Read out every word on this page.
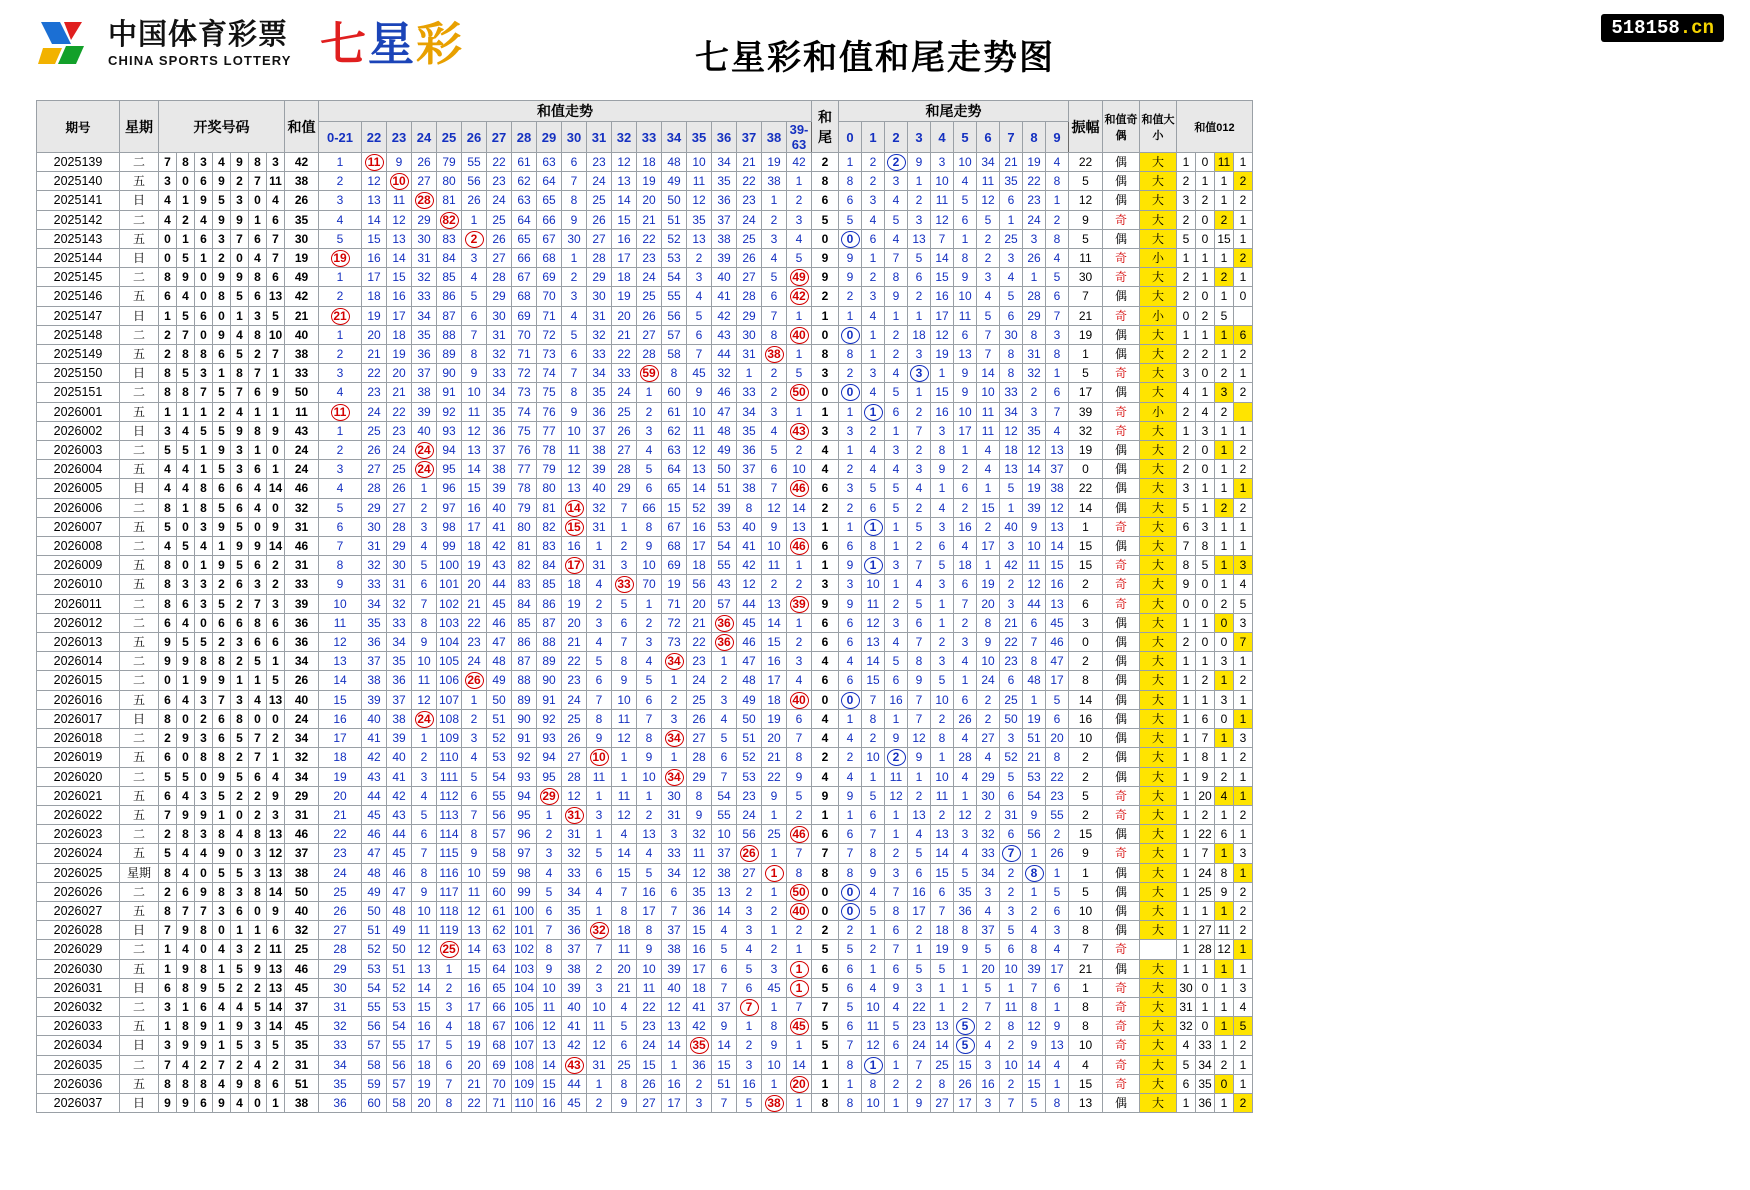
中国体育彩票
CHINA SPORTS LOTTERY 七星彩	七星彩和值和尾走势图
518158.cn
期号	星期	开奖号码							和值	和值走势																			和尾	和尾走势										振幅	和值奇偶	和值大小	和值012			
										0-21	22	23	24	25	26	27	28	29	30	31	32	33	34	35	36	37	38	39-63		0	1	2	3	4	5	6	7	8	9							
2025139	二	7	8	3	4	9	8	3	42	1	11	9	26	79	55	22	61	63	6	23	12	18	48	10	34	21	19	42	2	1	2	2	9	3	10	34	21	19	4	22	偶	大	1	0	11	1
2025140	五	3	0	6	9	2	7	11	38	2	12	10	27	80	56	23	62	64	7	24	13	19	49	11	35	22	38	1	8	8	2	3	1	10	4	11	35	22	8	5	偶	大	2	1	1	2
2025141	日	4	1	9	5	3	0	4	26	3	13	11	28	81	26	24	63	65	8	25	14	20	50	12	36	23	1	2	6	6	3	4	2	11	5	12	6	23	1	12	偶	大	3	2	1	2
2025142	二	4	2	4	9	9	1	6	35	4	14	12	29	82	1	25	64	66	9	26	15	21	51	35	37	24	2	3	5	5	4	5	3	12	6	5	1	24	2	9	奇	大	2	0	2	1
2025143	五	0	1	6	3	7	6	7	30	5	15	13	30	83	2	26	65	67	30	27	16	22	52	13	38	25	3	4	0	0	6	4	13	7	1	2	25	3	8	5	偶	大	5	0	15	1
2025144	日	0	5	1	2	0	4	7	19	19	16	14	31	84	3	27	66	68	1	28	17	23	53	2	39	26	4	5	9	9	1	7	5	14	8	2	3	26	4	11	奇	小	1	1	1	2
2025145	二	8	9	0	9	9	8	6	49	1	17	15	32	85	4	28	67	69	2	29	18	24	54	3	40	27	5	49	9	9	2	8	6	15	9	3	4	1	5	30	奇	大	2	1	2	1
2025146	五	6	4	0	8	5	6	13	42	2	18	16	33	86	5	29	68	70	3	30	19	25	55	4	41	28	6	42	2	2	3	9	2	16	10	4	5	28	6	7	偶	大	2	0	1	0
2025147	日	1	5	6	0	1	3	5	21	21	19	17	34	87	6	30	69	71	4	31	20	26	56	5	42	29	7	1	1	1	4	1	1	17	11	5	6	29	7	21	奇	小	0	2	5	
2025148	二	2	7	0	9	4	8	10	40	1	20	18	35	88	7	31	70	72	5	32	21	27	57	6	43	30	8	40	0	0	1	2	18	12	6	7	30	8	3	19	偶	大	1	1	1	6
2025149	五	2	8	8	6	5	2	7	38	2	21	19	36	89	8	32	71	73	6	33	22	28	58	7	44	31	38	1	8	8	1	2	3	19	13	7	8	31	8	1	偶	大	2	2	1	2
2025150	日	8	5	3	1	8	7	1	33	3	22	20	37	90	9	33	72	74	7	34	33	59	8	45	32	1	2	5	3	2	3	4	3	1	9	14	8	32	1	5	奇	大	3	0	2	1
2025151	二	8	8	7	5	7	6	9	50	4	23	21	38	91	10	34	73	75	8	35	24	1	60	9	46	33	2	50	0	0	4	5	1	15	9	10	33	2	6	17	偶	大	4	1	3	2
2026001	五	1	1	1	2	4	1	1	11	11	24	22	39	92	11	35	74	76	9	36	25	2	61	10	47	34	3	1	1	1	1	6	2	16	10	11	34	3	7	39	奇	小	2	4	2	
2026002	日	3	4	5	5	9	8	9	43	1	25	23	40	93	12	36	75	77	10	37	26	3	62	11	48	35	4	43	3	3	2	1	7	3	17	11	12	35	4	32	奇	大	1	3	1	1
2026003	二	5	5	1	9	3	1	0	24	2	26	24	24	94	13	37	76	78	11	38	27	4	63	12	49	36	5	2	4	1	4	3	2	8	1	4	18	12	13	19	偶	大	2	0	1	2
2026004	五	4	4	1	5	3	6	1	24	3	27	25	24	95	14	38	77	79	12	39	28	5	64	13	50	37	6	10	4	2	4	4	3	9	2	4	13	14	37	0	偶	大	2	0	1	2
2026005	日	4	4	8	6	6	4	14	46	4	28	26	1	96	15	39	78	80	13	40	29	6	65	14	51	38	7	46	6	3	5	5	4	1	6	1	5	19	38	22	偶	大	3	1	1	1
2026006	二	8	1	8	5	6	4	0	32	5	29	27	2	97	16	40	79	81	14	32	7	66	15	52	39	8	12	14	2	2	6	5	2	4	2	15	1	39	12	14	偶	大	5	1	2	2
2026007	五	5	0	3	9	5	0	9	31	6	30	28	3	98	17	41	80	82	15	31	1	8	67	16	53	40	9	13	1	1	1	1	5	3	16	2	40	9	13	1	奇	大	6	3	1	1
2026008	二	4	5	4	1	9	9	14	46	7	31	29	4	99	18	42	81	83	16	1	2	9	68	17	54	41	10	46	6	6	8	1	2	6	4	17	3	10	14	15	偶	大	7	8	1	1
2026009	五	8	0	1	9	5	6	2	31	8	32	30	5	100	19	43	82	84	17	31	3	10	69	18	55	42	11	1	1	9	1	3	7	5	18	1	42	11	15	15	奇	大	8	5	1	3
2026010	五	8	3	3	2	6	3	2	33	9	33	31	6	101	20	44	83	85	18	4	33	70	19	56	43	12	2	2	3	3	10	1	4	3	6	19	2	12	16	2	奇	大	9	0	1	4
2026011	二	8	6	3	5	2	7	3	39	10	34	32	7	102	21	45	84	86	19	2	5	1	71	20	57	44	13	39	9	9	11	2	5	1	7	20	3	44	13	6	奇	大	0	0	2	5
2026012	二	6	4	0	6	6	8	6	36	11	35	33	8	103	22	46	85	87	20	3	6	2	72	21	36	45	14	1	6	6	12	3	6	1	2	8	21	6	45	3	偶	大	1	1	0	3
2026013	五	9	5	5	2	3	6	6	36	12	36	34	9	104	23	47	86	88	21	4	7	3	73	22	36	46	15	2	6	6	13	4	7	2	3	9	22	7	46	0	偶	大	2	0	0	7
2026014	二	9	9	8	8	2	5	1	34	13	37	35	10	105	24	48	87	89	22	5	8	4	34	23	1	47	16	3	4	4	14	5	8	3	4	10	23	8	47	2	偶	大	1	1	3	1
2026015	二	0	1	9	9	1	1	5	26	14	38	36	11	106	26	49	88	90	23	6	9	5	1	24	2	48	17	4	6	6	15	6	9	5	1	24	6	48	17	8	偶	大	1	2	1	2
2026016	五	6	4	3	7	3	4	13	40	15	39	37	12	107	1	50	89	91	24	7	10	6	2	25	3	49	18	40	0	0	7	16	7	10	6	2	25	1	5	14	偶	大	1	1	3	1
2026017	日	8	0	2	6	8	0	0	24	16	40	38	24	108	2	51	90	92	25	8	11	7	3	26	4	50	19	6	4	1	8	1	7	2	26	2	50	19	6	16	偶	大	1	6	0	1
2026018	二	2	9	3	6	5	7	2	34	17	41	39	1	109	3	52	91	93	26	9	12	8	34	27	5	51	20	7	4	4	2	9	12	8	4	27	3	51	20	10	偶	大	1	7	1	3
2026019	五	6	0	8	8	2	7	1	32	18	42	40	2	110	4	53	92	94	27	10	1	9	1	28	6	52	21	8	2	2	10	2	9	1	28	4	52	21	8	2	偶	大	1	8	1	2
2026020	二	5	5	0	9	5	6	4	34	19	43	41	3	111	5	54	93	95	28	11	1	10	34	29	7	53	22	9	4	4	1	11	1	10	4	29	5	53	22	2	偶	大	1	9	2	1
2026021	五	6	4	3	5	2	2	9	29	20	44	42	4	112	6	55	94	29	12	1	11	1	30	8	54	23	9	5	9	9	5	12	2	11	1	30	6	54	23	5	奇	大	1	20	4	1
2026022	五	7	9	9	1	0	2	3	31	21	45	43	5	113	7	56	95	1	31	3	12	2	31	9	55	24	1	2	1	1	6	1	13	2	12	2	31	9	55	2	奇	大	1	2	1	2
2026023	二	2	8	3	8	4	8	13	46	22	46	44	6	114	8	57	96	2	31	1	4	13	3	32	10	56	25	46	6	6	7	1	4	13	3	32	6	56	2	15	偶	大	1	22	6	1
2026024	五	5	4	4	9	0	3	12	37	23	47	45	7	115	9	58	97	3	32	5	14	4	33	11	37	26	1	7	7	7	8	2	5	14	4	33	7	1	26	9	奇	大	1	7	1	3
2026025	星期	8	4	0	5	5	3	13	38	24	48	46	8	116	10	59	98	4	33	6	15	5	34	12	38	27	1	8	8	8	9	3	6	15	5	34	2	8	1	1	偶	大	1	24	8	1
2026026	二	2	6	9	8	3	8	14	50	25	49	47	9	117	11	60	99	5	34	4	7	16	6	35	13	2	1	50	0	0	4	7	16	6	35	3	2	1	5	5	偶	大	1	25	9	2
2026027	五	8	7	7	3	6	0	9	40	26	50	48	10	118	12	61	100	6	35	1	8	17	7	36	14	3	2	40	0	0	5	8	17	7	36	4	3	2	6	10	偶	大	1	1	1	2
2026028	日	7	9	8	0	1	1	6	32	27	51	49	11	119	13	62	101	7	36	32	18	8	37	15	4	3	1	2	2	2	1	6	2	18	8	37	5	4	3	8	偶	大	1	27	11	2
2026029	二	1	4	0	4	3	2	11	25	28	52	50	12	25	14	63	102	8	37	7	11	9	38	16	5	4	2	1	5	5	2	7	1	19	9	5	6	8	4	7	奇		1	28	12	1
2026030	五	1	9	8	1	5	9	13	46	29	53	51	13	1	15	64	103	9	38	2	20	10	39	17	6	5	3	1	6	6	1	6	5	5	1	20	10	39	17	21	偶	大	1	1	1	1
2026031	日	6	8	9	5	2	2	13	45	30	54	52	14	2	16	65	104	10	39	3	21	11	40	18	7	6	45	1	5	6	4	9	3	1	1	5	1	7	6	1	奇	大	30	0	1	3
2026032	二	3	1	6	4	4	5	14	37	31	55	53	15	3	17	66	105	11	40	10	4	22	12	41	37	7	1	7	7	5	10	4	22	1	2	7	11	8	1	8	奇	大	31	1	1	4
2026033	五	1	8	9	1	9	3	14	45	32	56	54	16	4	18	67	106	12	41	11	5	23	13	42	9	1	8	45	5	6	11	5	23	13	5	2	8	12	9	8	奇	大	32	0	1	5
2026034	日	3	9	9	1	5	3	5	35	33	57	55	17	5	19	68	107	13	42	12	6	24	14	35	14	2	9	1	5	7	12	6	24	14	5	4	2	9	13	10	奇	大	4	33	1	2
2026035	二	7	4	2	7	2	4	2	31	34	58	56	18	6	20	69	108	14	43	31	25	15	1	36	15	3	10	14	1	8	1	1	7	25	15	3	10	14	4	4	奇	大	5	34	2	1
2026036	五	8	8	8	4	9	8	6	51	35	59	57	19	7	21	70	109	15	44	1	8	26	16	2	51	16	1	20	1	1	8	2	2	8	26	16	2	15	1	15	奇	大	6	35	0	1
2026037	日	9	9	6	9	4	0	1	38	36	60	58	20	8	22	71	110	16	45	2	9	27	17	3	7	5	38	1	8	8	10	1	9	27	17	3	7	5	8	13	偶	大	1	36	1	2
